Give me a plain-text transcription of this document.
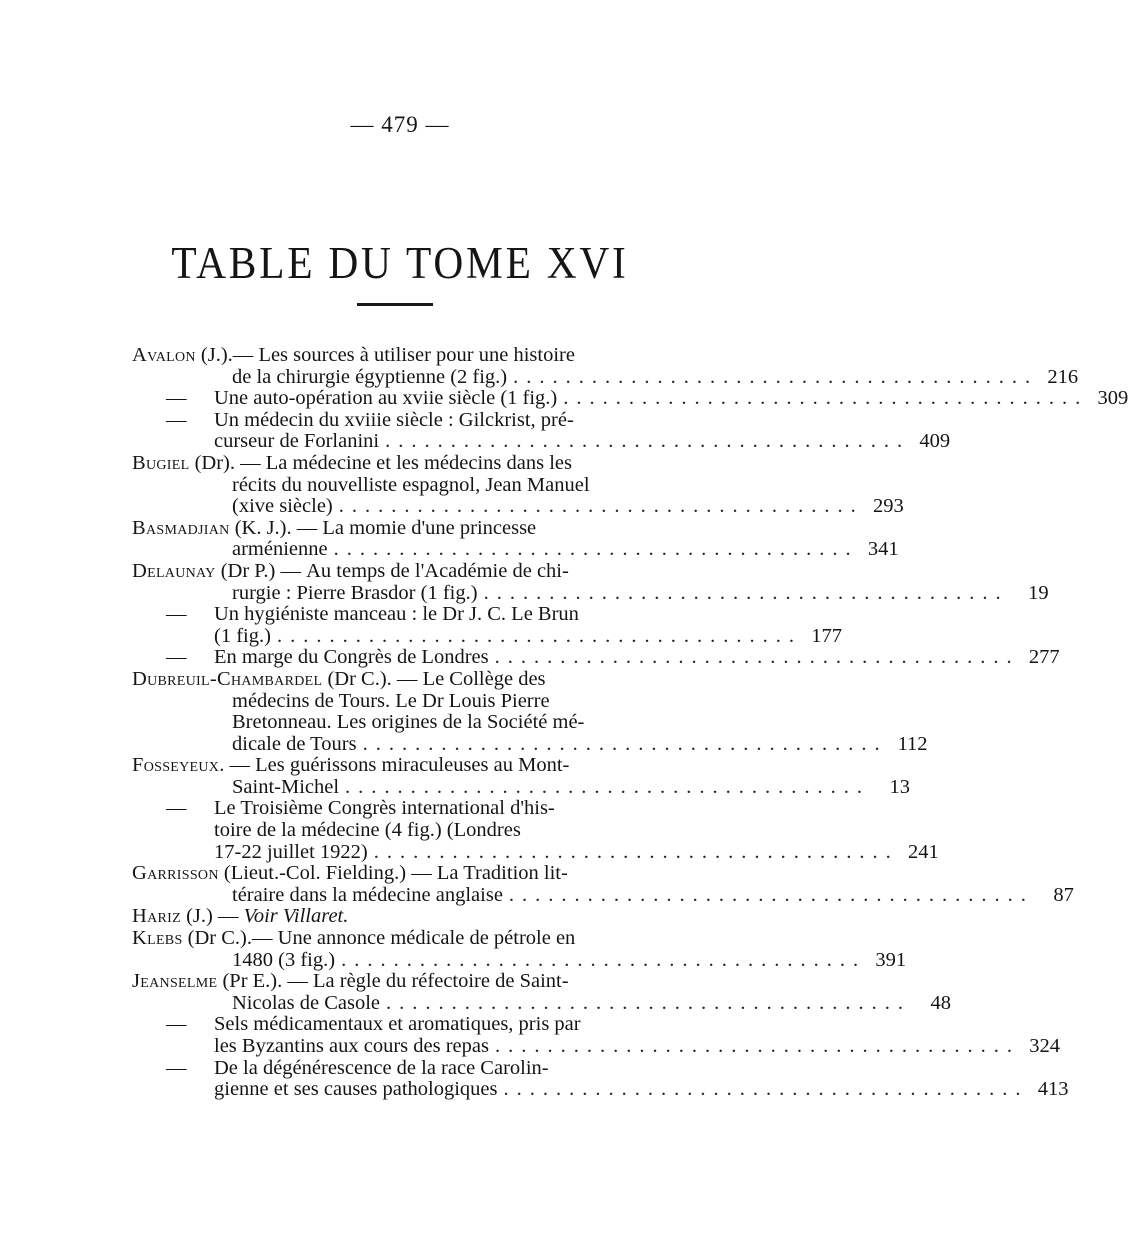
— 479 —
TABLE DU TOME XVI
Avalon (J.).— Les sources à utiliser pour une histoire
de la chirurgie égyptienne (2 fig.) ........................................ 216
— Une auto-opération au xviie siècle (1 fig.) ........................................ 309
— Un médecin du xviiie siècle : Gilckrist, pré-
curseur de Forlanini ........................................ 409
Bugiel (Dr). — La médecine et les médecins dans les
récits du nouvelliste espagnol, Jean Manuel
(xive siècle) ........................................ 293
Basmadjian (K. J.). — La momie d'une princesse
arménienne ........................................ 341
Delaunay (Dr P.) — Au temps de l'Académie de chi-
rurgie : Pierre Brasdor (1 fig.) ........................................ 19
— Un hygiéniste manceau : le Dr J. C. Le Brun
(1 fig.) ........................................ 177
— En marge du Congrès de Londres ........................................ 277
Dubreuil-Chambardel (Dr C.). — Le Collège des
médecins de Tours. Le Dr Louis Pierre
Bretonneau. Les origines de la Société mé-
dicale de Tours ........................................ 112
Fosseyeux . — Les guérissons miraculeuses au Mont-
Saint-Michel ........................................ 13
— Le Troisième Congrès international d'his-
toire de la médecine (4 fig.) (Londres
17-22 juillet 1922) ........................................ 241
Garrisson (Lieut.-Col. Fielding.) — La Tradition lit-
téraire dans la médecine anglaise ........................................ 87
Hariz (J.) — Voir Villaret.
Klebs (Dr C.).— Une annonce médicale de pétrole en
1480 (3 fig.) ........................................ 391
Jeanselme (Pr E.). — La règle du réfectoire de Saint-
Nicolas de Casole ........................................ 48
— Sels médicamentaux et aromatiques, pris par
les Byzantins aux cours des repas ........................................ 324
— De la dégénérescence de la race Carolin-
gienne et ses causes pathologiques ........................................ 413
